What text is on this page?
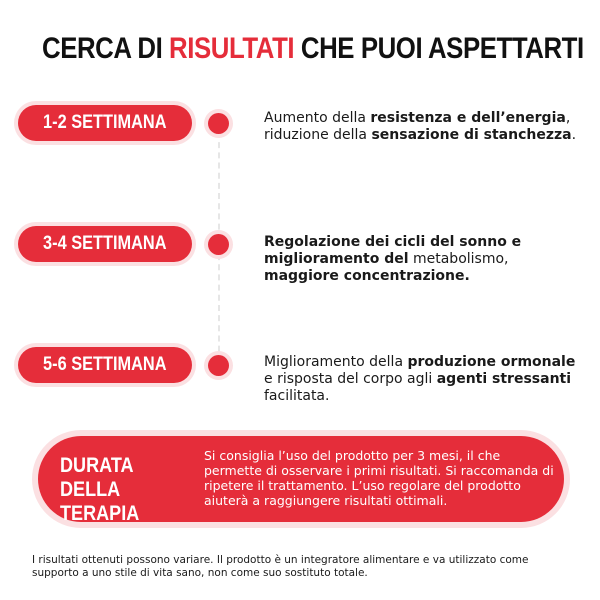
CERCA DI RISULTATI CHE PUOI ASPETTARTI
1-2 SETTIMANA	Aumento della resistenza e dell’energia, riduzione della sensazione di stanchezza.
3-4 SETTIMANA	Regolazione dei cicli del sonno e miglioramento del metabolismo, maggiore concentrazione.
5-6 SETTIMANA	Miglioramento della produzione ormonale e risposta del corpo agli agenti stressanti facilitata.
DURATA DELLA TERAPIA
Si consiglia l’uso del prodotto per 3 mesi, il che permette di osservare i primi risultati. Si raccomanda di ripetere il trattamento. L’uso regolare del prodotto aiuterà a raggiungere risultati ottimali.

I risultati ottenuti possono variare. Il prodotto è un integratore alimentare e va utilizzato come supporto a uno stile di vita sano, non come suo sostituto totale.
